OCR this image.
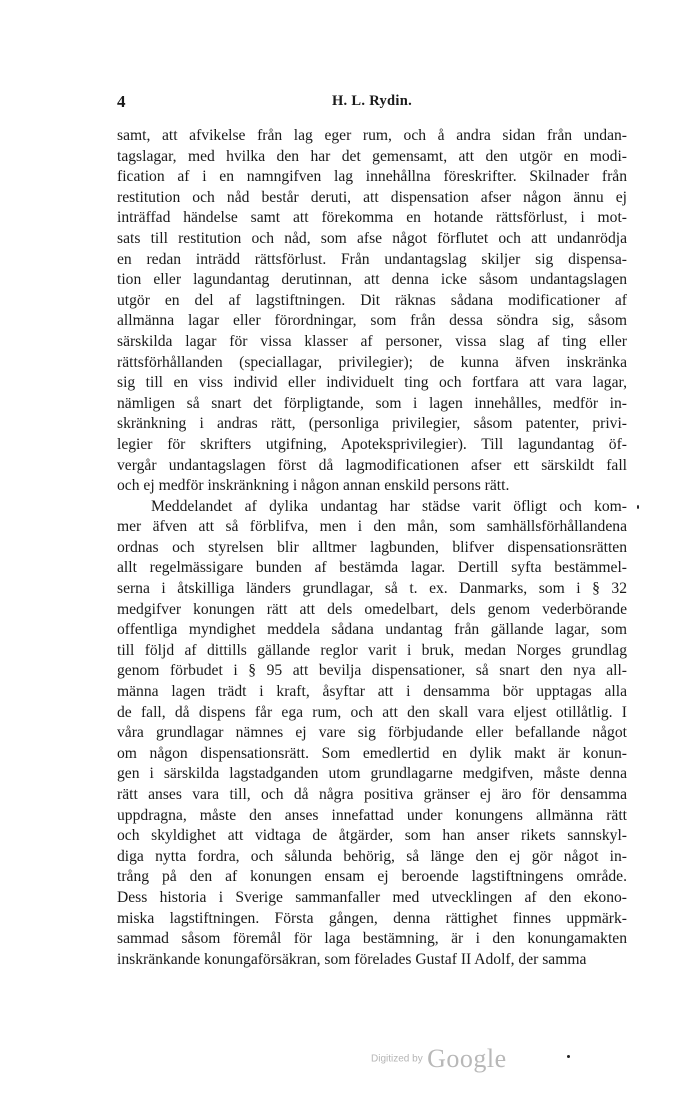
4	H. L. Rydin.
samt, att afvikelse från lag eger rum, och å andra sidan från undan-
tagslagar, med hvilka den har det gemensamt, att den utgör en modi-
fication af i en namngifven lag innehållna föreskrifter. Skilnader från
restitution och nåd består deruti, att dispensation afser någon ännu ej
inträffad händelse samt att förekomma en hotande rättsförlust, i mot-
sats till restitution och nåd, som afse något förflutet och att undanrödja
en redan inträdd rättsförlust. Från undantagslag skiljer sig dispensa-
tion eller lagundantag derutinnan, att denna icke såsom undantagslagen
utgör en del af lagstiftningen. Dit räknas sådana modificationer af
allmänna lagar eller förordningar, som från dessa söndra sig, såsom
särskilda lagar för vissa klasser af personer, vissa slag af ting eller
rättsförhållanden (speciallagar, privilegier); de kunna äfven inskränka
sig till en viss individ eller individuelt ting och fortfara att vara lagar,
nämligen så snart det förpligtande, som i lagen innehålles, medför in-
skränkning i andras rätt, (personliga privilegier, såsom patenter, privi-
legier för skrifters utgifning, Apoteksprivilegier). Till lagundantag öf-
vergår undantagslagen först då lagmodificationen afser ett särskildt fall
och ej medför inskränkning i någon annan enskild persons rätt.
Meddelandet af dylika undantag har städse varit öfligt och kom-
mer äfven att så förblifva, men i den mån, som samhällsförhållandena
ordnas och styrelsen blir alltmer lagbunden, blifver dispensationsrätten
allt regelmässigare bunden af bestämda lagar. Dertill syfta bestämmel-
serna i åtskilliga länders grundlagar, så t. ex. Danmarks, som i § 32
medgifver konungen rätt att dels omedelbart, dels genom vederbörande
offentliga myndighet meddela sådana undantag från gällande lagar, som
till följd af dittills gällande reglor varit i bruk, medan Norges grundlag
genom förbudet i § 95 att bevilja dispensationer, så snart den nya all-
männa lagen trädt i kraft, åsyftar att i densamma bör upptagas alla
de fall, då dispens får ega rum, och att den skall vara eljest otillåtlig. I
våra grundlagar nämnes ej vare sig förbjudande eller befallande något
om någon dispensationsrätt. Som emedlertid en dylik makt är konun-
gen i särskilda lagstadganden utom grundlagarne medgifven, måste denna
rätt anses vara till, och då några positiva gränser ej äro för densamma
uppdragna, måste den anses innefattad under konungens allmänna rätt
och skyldighet att vidtaga de åtgärder, som han anser rikets sannskyl-
diga nytta fordra, och sålunda behörig, så länge den ej gör något in-
trång på den af konungen ensam ej beroende lagstiftningens område.
Dess historia i Sverige sammanfaller med utvecklingen af den ekono-
miska lagstiftningen. Första gången, denna rättighet finnes uppmärk-
sammad såsom föremål för laga bestämning, är i den konungamakten
inskränkande konungaförsäkran, som förelades Gustaf II Adolf, der samma
Digitized by Google
